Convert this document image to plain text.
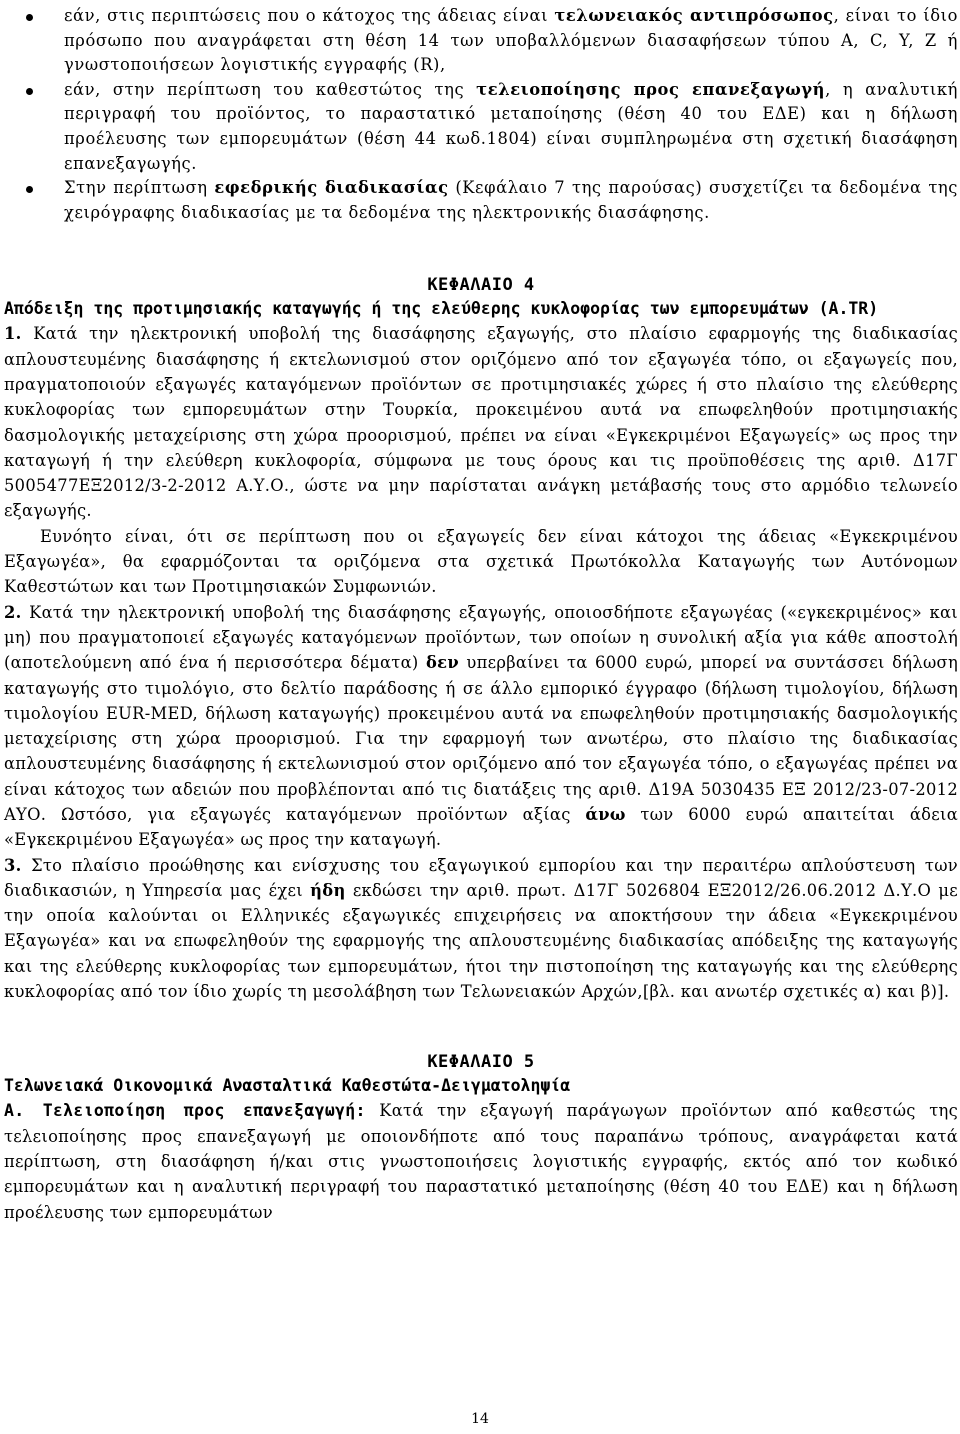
εάν, στις περιπτώσεις που ο κάτοχος της άδειας είναι τελωνειακός αντιπρόσωπος, είναι το ίδιο πρόσωπο που αναγράφεται στη θέση 14 των υποβαλλόμενων διασαφήσεων τύπου A, C, Y, Z ή γνωστοποιήσεων λογιστικής εγγραφής (R),
εάν, στην περίπτωση του καθεστώτος της τελειοποίησης προς επανεξαγωγή, η αναλυτική περιγραφή του προϊόντος, το παραστατικό μεταποίησης (θέση 40 του ΕΔΕ) και η δήλωση προέλευσης των εμπορευμάτων (θέση 44 κωδ.1804) είναι συμπληρωμένα στη σχετική διασάφηση επανεξαγωγής.
Στην περίπτωση εφεδρικής διαδικασίας (Κεφάλαιο 7 της παρούσας) συσχετίζει τα δεδομένα της χειρόγραφης διαδικασίας με τα δεδομένα της ηλεκτρονικής διασάφησης.
ΚΕΦΑΛΑΙΟ 4
Απόδειξη της προτιμησιακής καταγωγής ή της ελεύθερης κυκλοφορίας των εμπορευμάτων (A.TR)

1. Κατά την ηλεκτρονική υποβολή της διασάφησης εξαγωγής, στο πλαίσιο εφαρμογής της διαδικασίας απλουστευμένης διασάφησης ή εκτελωνισμού στον οριζόμενο από τον εξαγωγέα τόπο, οι εξαγωγείς που, πραγματοποιούν εξαγωγές καταγόμενων προϊόντων σε προτιμησιακές χώρες ή στο πλαίσιο της ελεύθερης κυκλοφορίας των εμπορευμάτων στην Τουρκία, προκειμένου αυτά να επωφεληθούν προτιμησιακής δασμολογικής μεταχείρισης στη χώρα προορισμού, πρέπει να είναι «Εγκεκριμένοι Εξαγωγείς» ως προς την καταγωγή ή την ελεύθερη κυκλοφορία, σύμφωνα με τους όρους και τις προϋποθέσεις της αριθ. Δ17Γ 5005477ΕΞ2012/3-2-2012 Α.Υ.Ο., ώστε να μην παρίσταται ανάγκη μετάβασής τους στο αρμόδιο τελωνείο εξαγωγής.

Ευνόητο είναι, ότι σε περίπτωση που οι εξαγωγείς δεν είναι κάτοχοι της άδειας «Εγκεκριμένου Εξαγωγέα», θα εφαρμόζονται τα οριζόμενα στα σχετικά Πρωτόκολλα Καταγωγής των Αυτόνομων Καθεστώτων και των Προτιμησιακών Συμφωνιών.

2. Κατά την ηλεκτρονική υποβολή της διασάφησης εξαγωγής, οποιοσδήποτε εξαγωγέας («εγκεκριμένος» και μη) που πραγματοποιεί εξαγωγές καταγόμενων προϊόντων, των οποίων η συνολική αξία για κάθε αποστολή (αποτελούμενη από ένα ή περισσότερα δέματα) δεν υπερβαίνει τα 6000 ευρώ, μπορεί να συντάσσει δήλωση καταγωγής στο τιμολόγιο, στο δελτίο παράδοσης ή σε άλλο εμπορικό έγγραφο (δήλωση τιμολογίου, δήλωση τιμολογίου EUR-MED, δήλωση καταγωγής) προκειμένου αυτά να επωφεληθούν προτιμησιακής δασμολογικής μεταχείρισης στη χώρα προορισμού. Για την εφαρμογή των ανωτέρω, στο πλαίσιο της διαδικασίας απλουστευμένης διασάφησης ή εκτελωνισμού στον οριζόμενο από τον εξαγωγέα τόπο, ο εξαγωγέας πρέπει να είναι κάτοχος των αδειών που προβλέπονται από τις διατάξεις της αριθ. Δ19Α 5030435 ΕΞ 2012/23-07-2012 ΑΥΟ. Ωστόσο, για εξαγωγές καταγόμενων προϊόντων αξίας άνω των 6000 ευρώ απαιτείται άδεια «Εγκεκριμένου Εξαγωγέα» ως προς την καταγωγή.

3. Στο πλαίσιο προώθησης και ενίσχυσης του εξαγωγικού εμπορίου και την περαιτέρω απλούστευση των διαδικασιών, η Υπηρεσία μας έχει ήδη εκδώσει την αριθ. πρωτ. Δ17Γ 5026804 ΕΞ2012/26.06.2012 Δ.Υ.Ο με την οποία καλούνται οι Ελληνικές εξαγωγικές επιχειρήσεις να αποκτήσουν την άδεια «Εγκεκριμένου Εξαγωγέα» και να επωφεληθούν της εφαρμογής της απλουστευμένης διαδικασίας απόδειξης της καταγωγής και της ελεύθερης κυκλοφορίας των εμπορευμάτων, ήτοι την πιστοποίηση της καταγωγής και της ελεύθερης κυκλοφορίας από τον ίδιο χωρίς τη μεσολάβηση των Τελωνειακών Αρχών,[βλ. και ανωτέρ σχετικές α) και β)].

ΚΕΦΑΛΑΙΟ 5
Τελωνειακά Οικονομικά Ανασταλτικά Καθεστώτα-Δειγματοληψία

Α. Τελειοποίηση προς επανεξαγωγή: Κατά την εξαγωγή παράγωγων προϊόντων από καθεστώς της τελειοποίησης προς επανεξαγωγή με οποιονδήποτε από τους παραπάνω τρόπους, αναγράφεται κατά περίπτωση, στη διασάφηση ή/και στις γνωστοποιήσεις λογιστικής εγγραφής, εκτός από τον κωδικό εμπορευμάτων και η αναλυτική περιγραφή του παραστατικό μεταποίησης (θέση 40 του ΕΔΕ) και η δήλωση προέλευσης των εμπορευμάτων

14
